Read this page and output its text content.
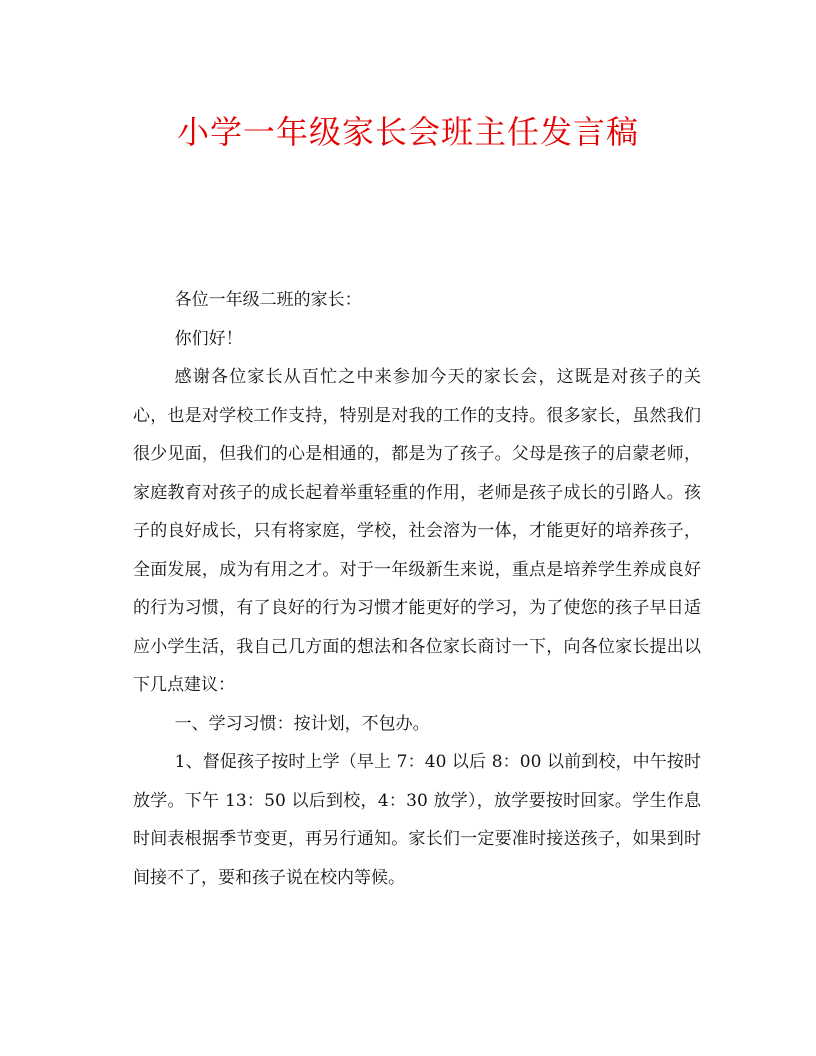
小学一年级家长会班主任发言稿

各位一年级二班的家长：

你们好！

感谢各位家长从百忙之中来参加今天的家长会，这既是对孩子的关心，也是对学校工作支持，特别是对我的工作的支持。很多家长，虽然我们很少见面，但我们的心是相通的，都是为了孩子。父母是孩子的启蒙老师，家庭教育对孩子的成长起着举重轻重的作用，老师是孩子成长的引路人。孩子的良好成长，只有将家庭，学校，社会溶为一体，才能更好的培养孩子，全面发展，成为有用之才。对于一年级新生来说，重点是培养学生养成良好的行为习惯，有了良好的行为习惯才能更好的学习，为了使您的孩子早日适应小学生活，我自己几方面的想法和各位家长商讨一下，向各位家长提出以下几点建议：

一、学习习惯：按计划，不包办。

1、督促孩子按时上学（早上 7：40 以后 8：00 以前到校，中午按时放学。下午 13：50 以后到校，4：30 放学），放学要按时回家。学生作息时间表根据季节变更，再另行通知。家长们一定要准时接送孩子，如果到时间接不了，要和孩子说在校内等候。
